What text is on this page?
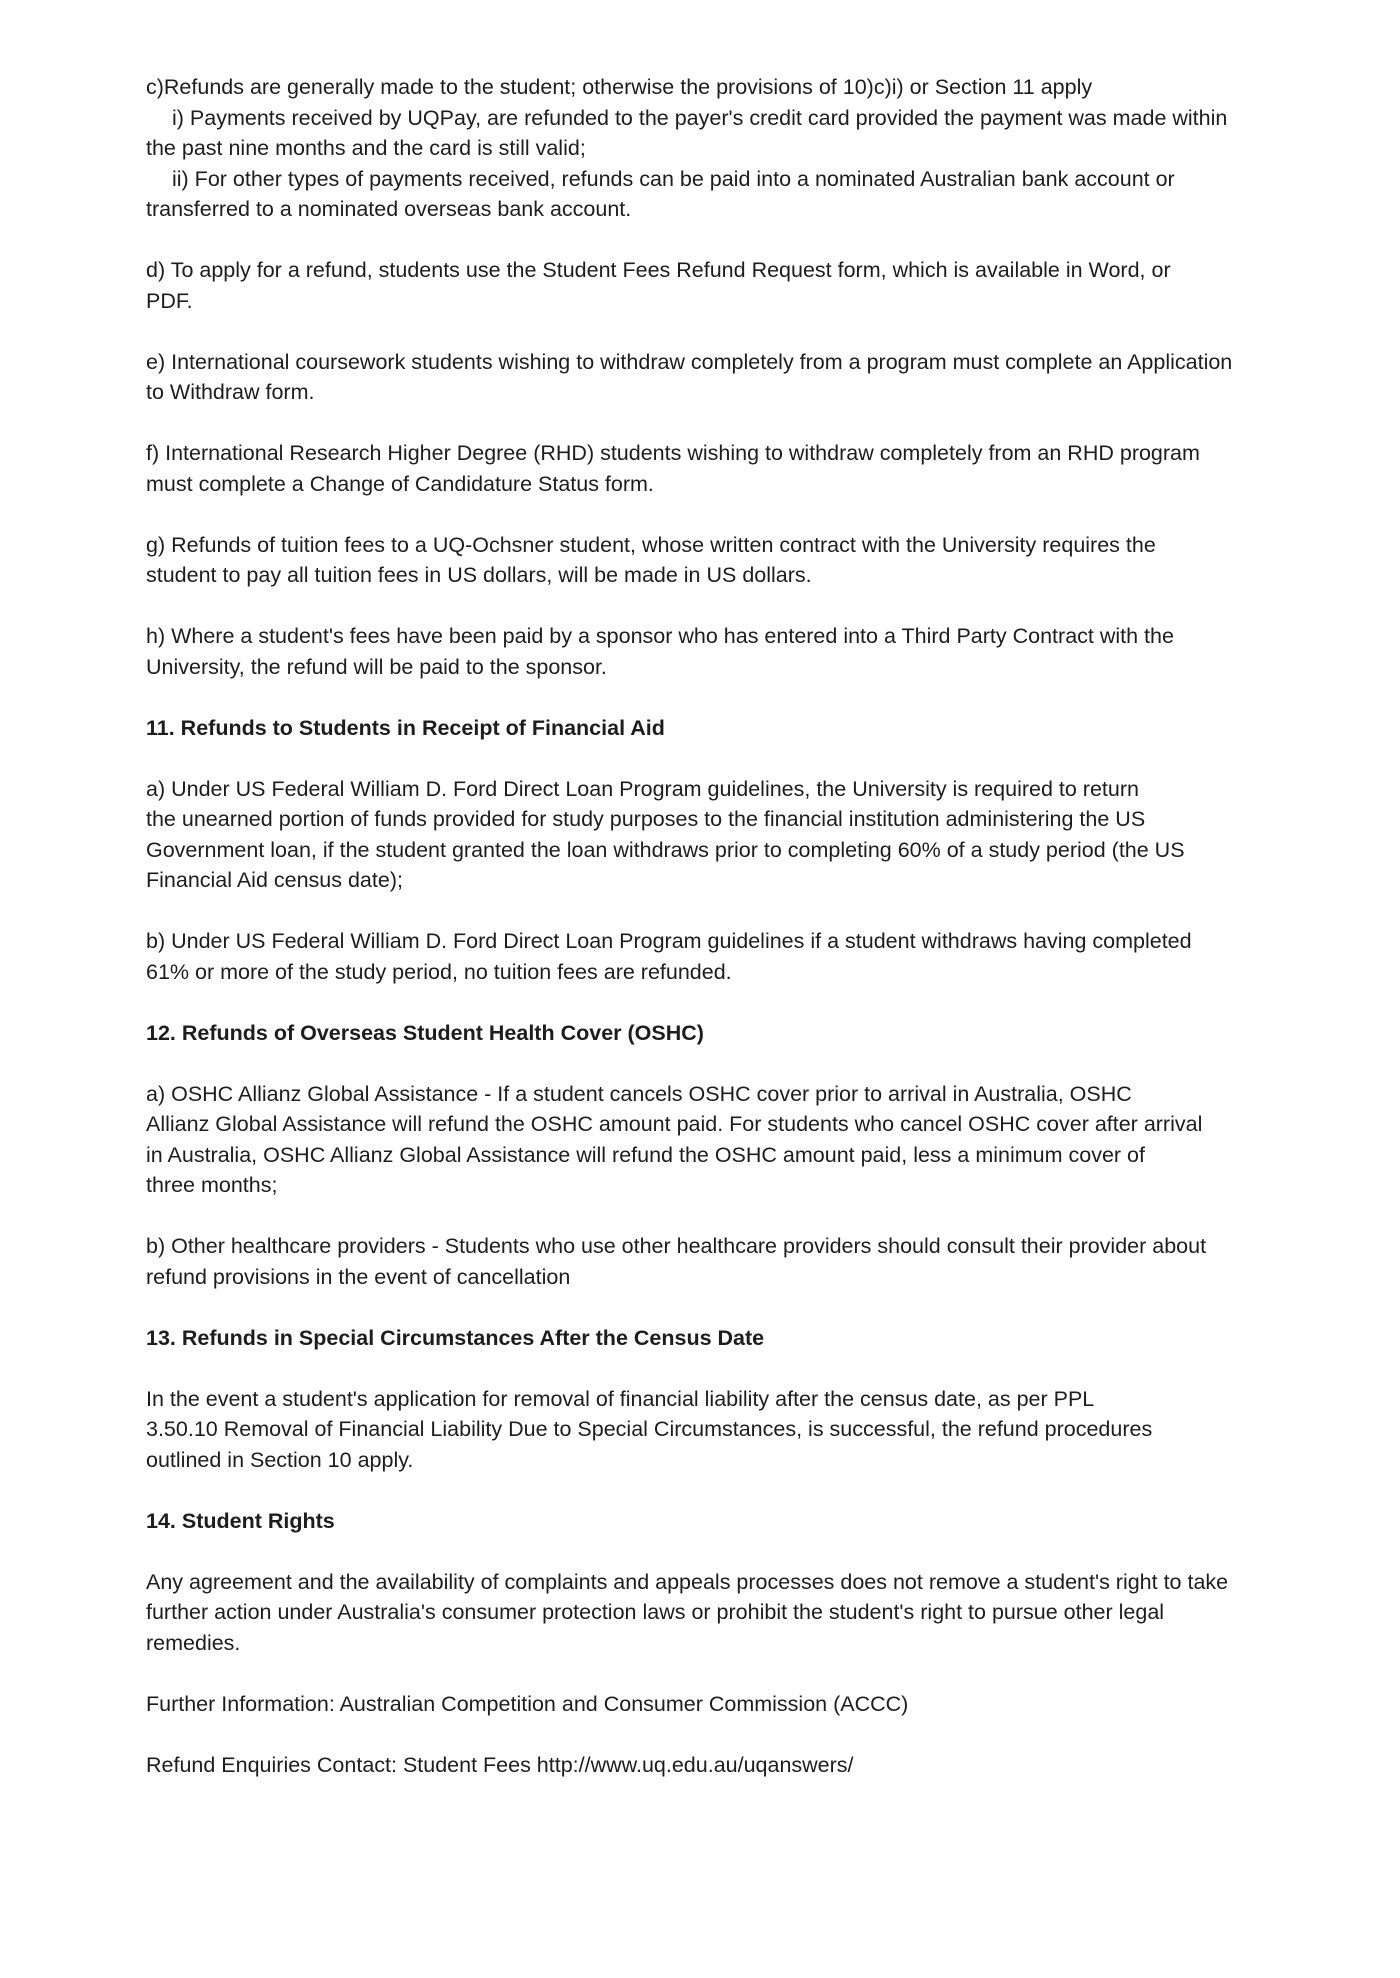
c)Refunds are generally made to the student; otherwise the provisions of 10)c)i) or Section 11 apply
i) Payments received by UQPay, are refunded to the payer's credit card provided the payment was made within
the past nine months and the card is still valid;
ii) For other types of payments received, refunds can be paid into a nominated Australian bank account or
transferred to a nominated overseas bank account.
d) To apply for a refund, students use the Student Fees Refund Request form, which is available in Word, or
PDF.
e) International coursework students wishing to withdraw completely from a program must complete an Application
to Withdraw form.
f) International Research Higher Degree (RHD) students wishing to withdraw completely from an RHD program
must complete a Change of Candidature Status form.
g) Refunds of tuition fees to a UQ-Ochsner student, whose written contract with the University requires the
student to pay all tuition fees in US dollars, will be made in US dollars.
h) Where a student's fees have been paid by a sponsor who has entered into a Third Party Contract with the
University, the refund will be paid to the sponsor.
11. Refunds to Students in Receipt of Financial Aid
a) Under US Federal William D. Ford Direct Loan Program guidelines, the University is required to return
the unearned portion of funds provided for study purposes to the financial institution administering the US
Government loan, if the student granted the loan withdraws prior to completing 60% of a study period (the US
Financial Aid census date);
b) Under US Federal William D. Ford Direct Loan Program guidelines if a student withdraws having completed
61% or more of the study period, no tuition fees are refunded.
12. Refunds of Overseas Student Health Cover (OSHC)
a) OSHC Allianz Global Assistance - If a student cancels OSHC cover prior to arrival in Australia, OSHC
Allianz Global Assistance will refund the OSHC amount paid. For students who cancel OSHC cover after arrival
in Australia, OSHC Allianz Global Assistance will refund the OSHC amount paid, less a minimum cover of
three months;
b) Other healthcare providers - Students who use other healthcare providers should consult their provider about
refund provisions in the event of cancellation
13. Refunds in Special Circumstances After the Census Date
In the event a student's application for removal of financial liability after the census date, as per PPL
3.50.10 Removal of Financial Liability Due to Special Circumstances, is successful, the refund procedures
outlined in Section 10 apply.
14. Student Rights
Any agreement and the availability of complaints and appeals processes does not remove a student's right to take
further action under Australia's consumer protection laws or prohibit the student's right to pursue other legal
remedies.
Further Information: Australian Competition and Consumer Commission (ACCC)
Refund Enquiries Contact: Student Fees http://www.uq.edu.au/uqanswers/
